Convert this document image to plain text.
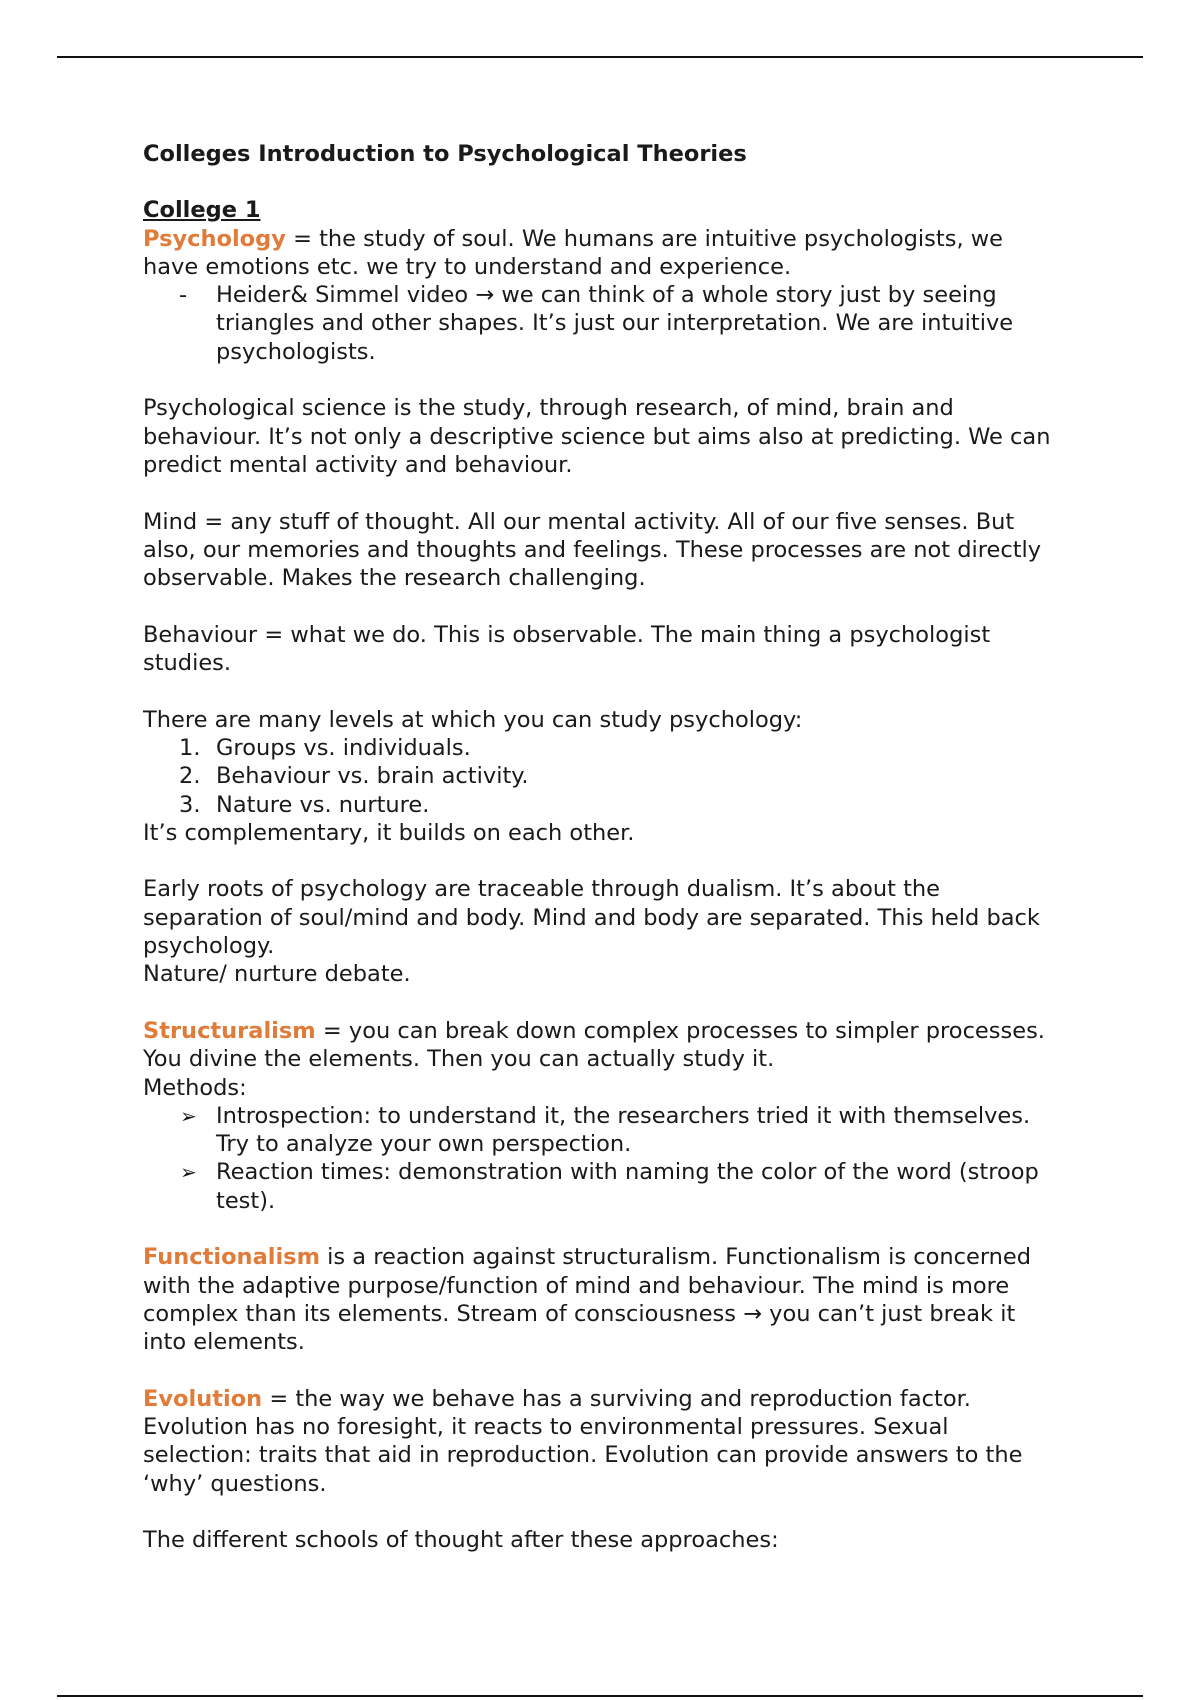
Colleges Introduction to Psychological Theories

College 1

Psychology = the study of soul. We humans are intuitive psychologists, we have emotions etc. we try to understand and experience.

- Heider& Simmel video → we can think of a whole story just by seeing triangles and other shapes. It’s just our interpretation. We are intuitive psychologists.

Psychological science is the study, through research, of mind, brain and behaviour. It’s not only a descriptive science but aims also at predicting. We can predict mental activity and behaviour.

Mind = any stuff of thought. All our mental activity. All of our five senses. But also, our memories and thoughts and feelings. These processes are not directly observable. Makes the research challenging.

Behaviour = what we do. This is observable. The main thing a psychologist studies.

There are many levels at which you can study psychology:

1. Groups vs. individuals.
2. Behaviour vs. brain activity.
3. Nature vs. nurture.

It’s complementary, it builds on each other.

Early roots of psychology are traceable through dualism. It’s about the separation of soul/mind and body. Mind and body are separated. This held back psychology.

Nature/ nurture debate.

Structuralism = you can break down complex processes to simpler processes. You divine the elements. Then you can actually study it.

Methods:

➢ Introspection: to understand it, the researchers tried it with themselves. Try to analyze your own perspection.
➢ Reaction times: demonstration with naming the color of the word (stroop test).

Functionalism is a reaction against structuralism. Functionalism is concerned with the adaptive purpose/function of mind and behaviour. The mind is more complex than its elements. Stream of consciousness → you can’t just break it into elements.

Evolution = the way we behave has a surviving and reproduction factor. Evolution has no foresight, it reacts to environmental pressures. Sexual selection: traits that aid in reproduction. Evolution can provide answers to the ‘why’ questions.

The different schools of thought after these approaches:
